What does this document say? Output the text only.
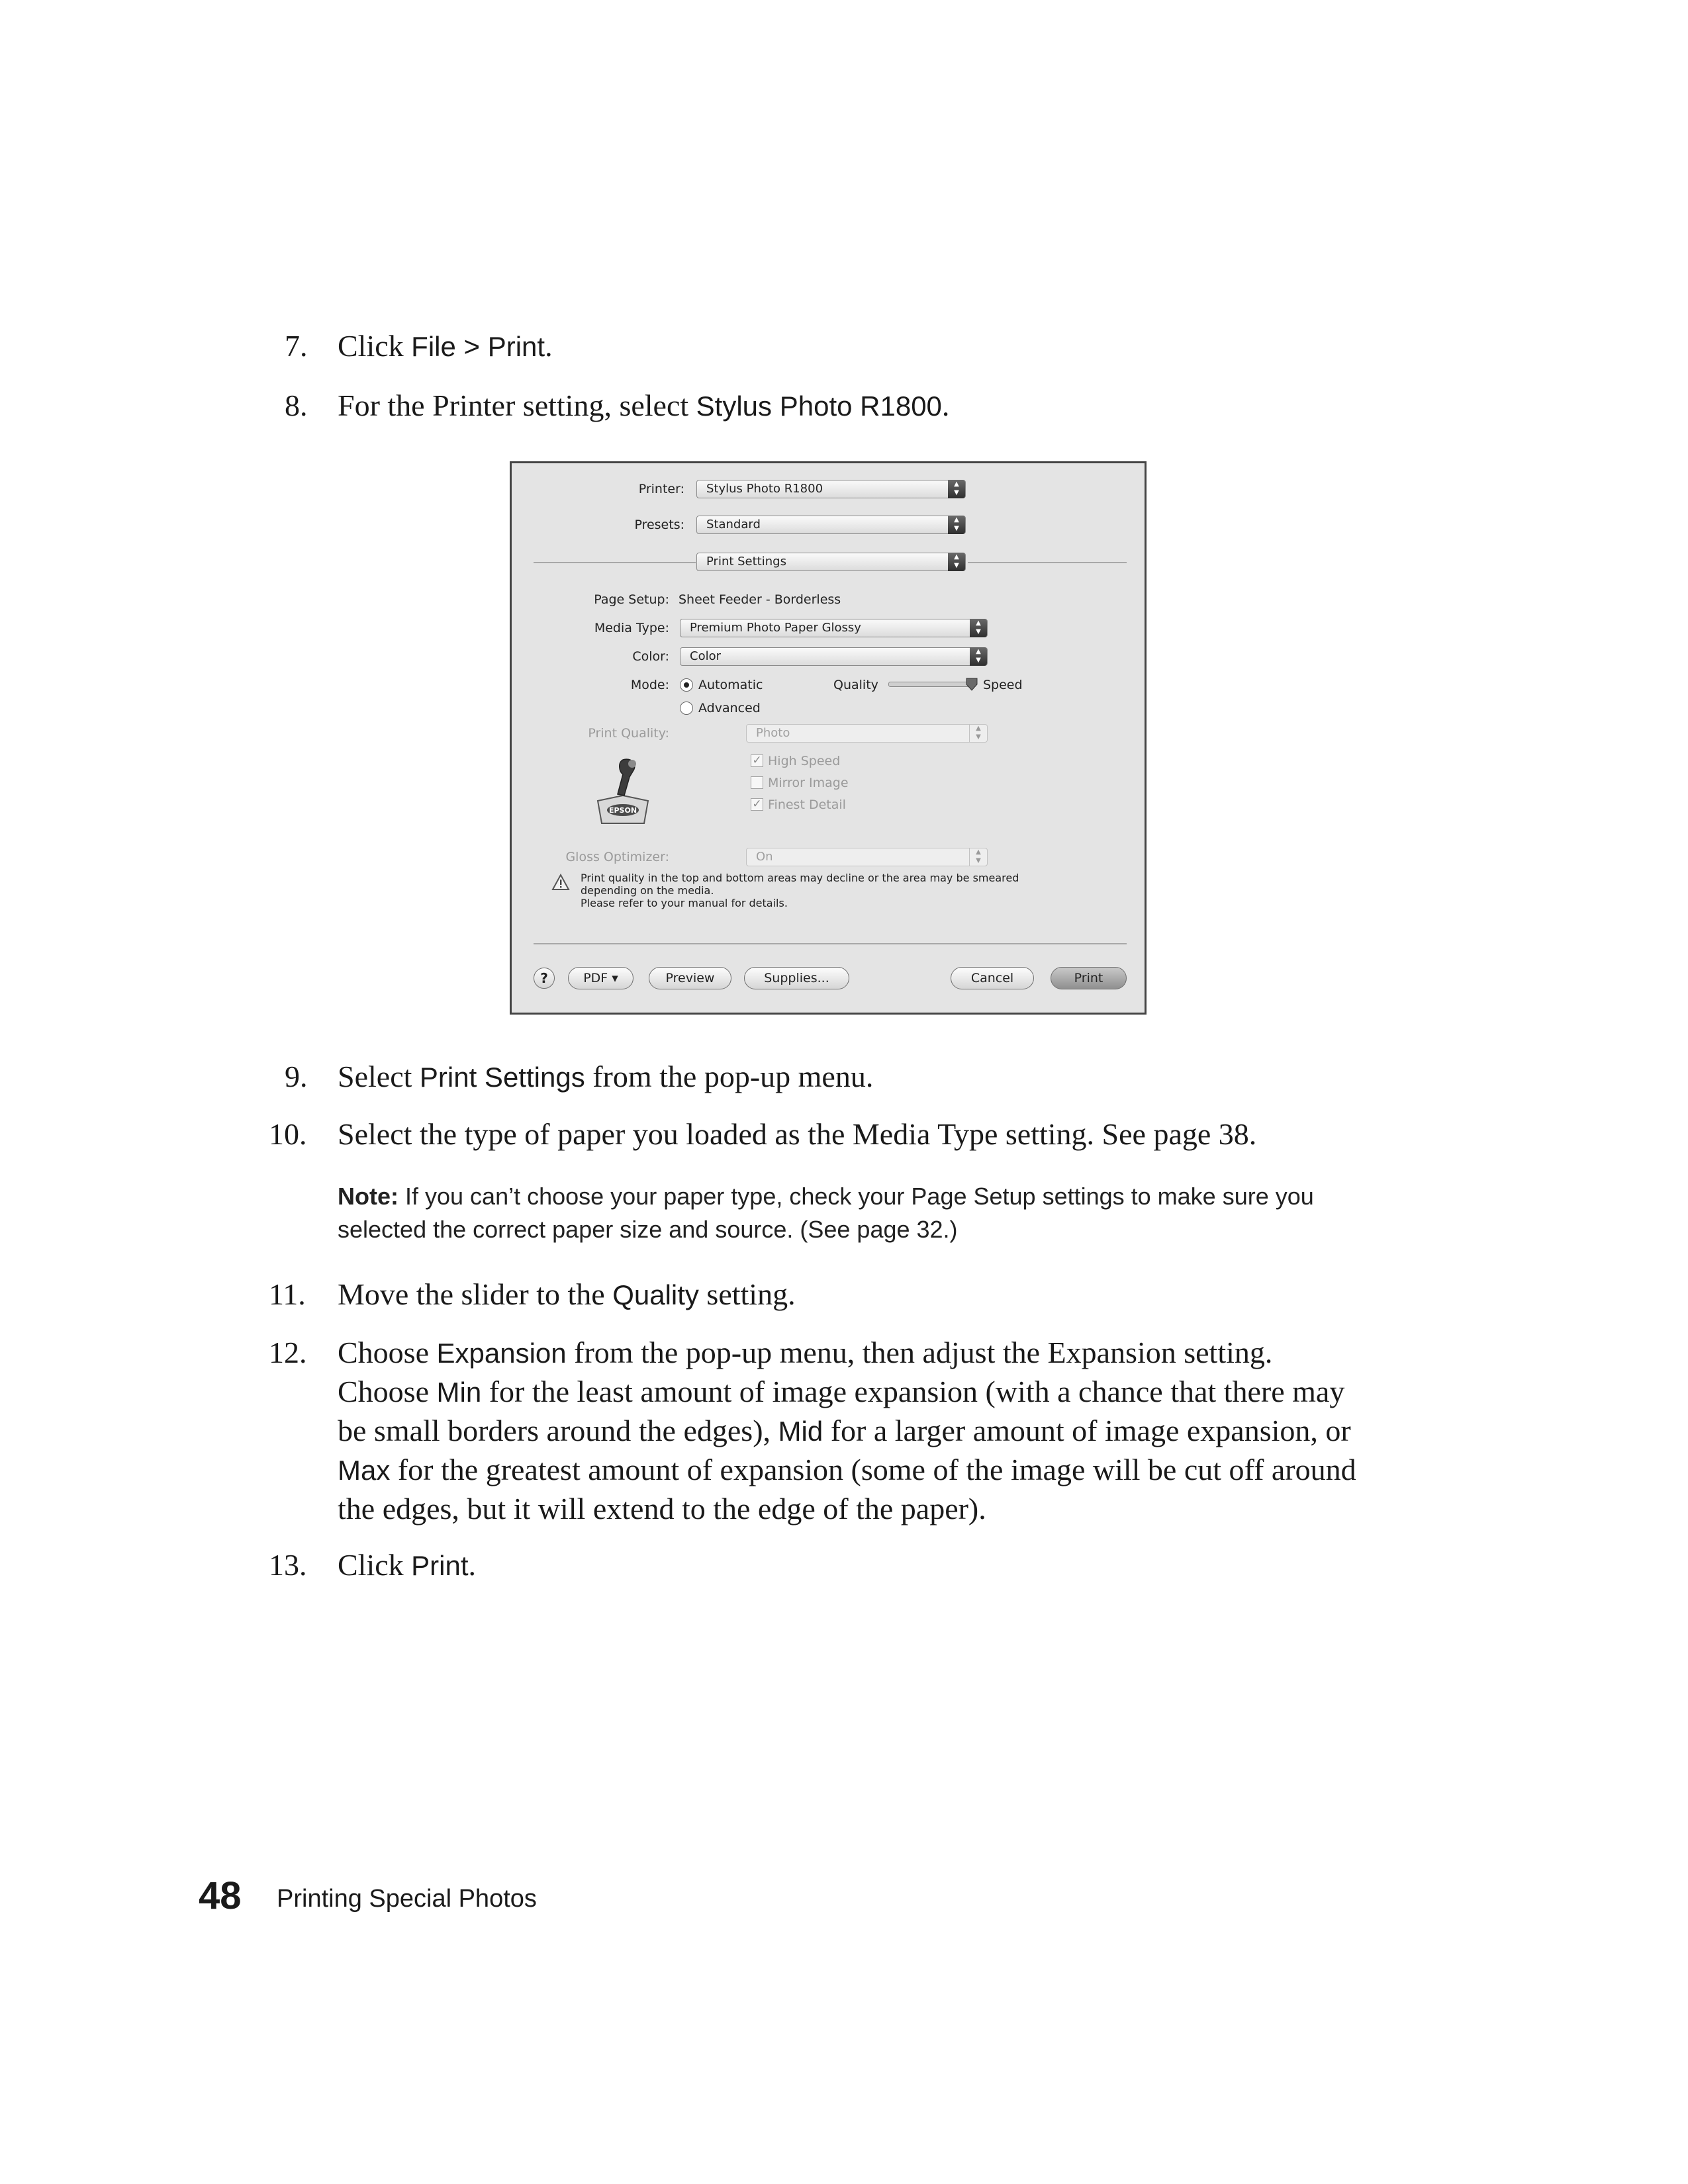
7. Click File > Print.
8. For the Printer setting, select Stylus Photo R1800.
Printer:	Stylus Photo R1800	▲
▼
Presets:	Standard	▲
▼
Print Settings	▲
▼
Page Setup: Sheet Feeder - Borderless
Media Type:	Premium Photo Paper Glossy	▲
▼
Color:	Color	▲
▼
Mode: Automatic
Advanced
Quality	Speed
Print Quality:	Photo	▲
▼
✓ High Speed
Mirror Image
✓ Finest Detail
EPSON
Gloss Optimizer:	On	▲
▼
Print quality in the top and bottom areas may decline or the area may be smeared
depending on the media.
Please refer to your manual for details.
?	PDF ▾	Preview	Supplies...	Cancel	Print
9. Select Print Settings from the pop-up menu.
10. Select the type of paper you loaded as the Media Type setting. See page 38.
Note: If you can’t choose your paper type, check your Page Setup settings to make sure you selected the correct paper size and source. (See page 32.)
11. Move the slider to the Quality setting.
12. Choose Expansion from the pop-up menu, then adjust the Expansion setting. Choose Min for the least amount of image expansion (with a chance that there may be small borders around the edges), Mid for a larger amount of image expansion, or Max for the greatest amount of expansion (some of the image will be cut off around the edges, but it will extend to the edge of the paper).
13. Click Print.
48 Printing Special Photos
